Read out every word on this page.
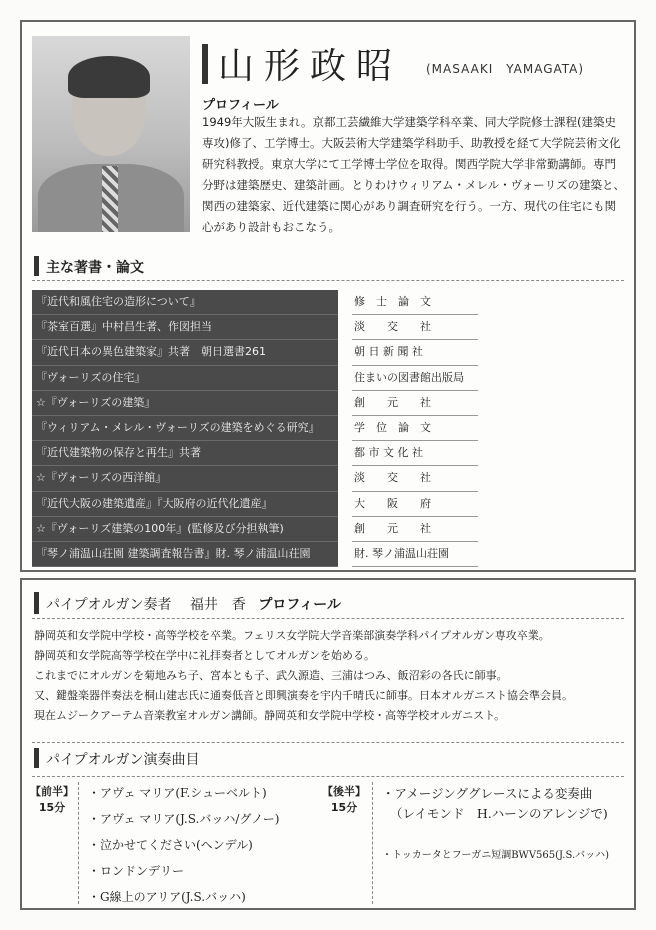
山形政昭 (MASAAKI　YAMAGATA)
プロフィール
1949年大阪生まれ。京都工芸繊維大学建築学科卒業、同大学院修士課程(建築史
専攻)修了、工学博士。大阪芸術大学建築学科助手、助教授を経て大学院芸術文化
研究科教授。東京大学にて工学博士学位を取得。関西学院大学非常勤講師。専門
分野は建築歴史、建築計画。とりわけウィリアム・メレル・ヴォーリズの建築と、
関西の建築家、近代建築に関心があり調査研究を行う。一方、現代の住宅にも関
心があり設計もおこなう。
主な著書・論文
『近代和風住宅の造形について』
『茶室百選』中村昌生著、作図担当
『近代日本の異色建築家』共著　朝日選書261
『ヴォーリズの住宅』
☆『ヴォーリズの建築』
『ウィリアム・メレル・ヴォーリズの建築をめぐる研究』
『近代建築物の保存と再生』共著
☆『ヴォーリズの西洋館』
『近代大阪の建築遺産』『大阪府の近代化遺産』
☆『ヴォーリズ建築の100年』(監修及び分担執筆)
『琴ノ浦温山荘園 建築調査報告書』財. 琴ノ浦温山荘園
修　士　論　文
淡　　交　　社
朝 日 新 聞 社
住まいの図書館出版局
創　　元　　社
学　位　論　文
都 市 文 化 社
淡　　交　　社
大　　阪　　府
創　　元　　社
財. 琴ノ浦温山荘園
パイプオルガン奏者 福井　香 プロフィール
静岡英和女学院中学校・高等学校を卒業。フェリス女学院大学音楽部演奏学科パイプオルガン専攻卒業。
静岡英和女学院高等学校在学中に礼拝奏者としてオルガンを始める。
これまでにオルガンを菊地みち子、宮本とも子、武久源造、三浦はつみ、飯沼彩の各氏に師事。
又、鍵盤楽器伴奏法を桐山建志氏に通奏低音と即興演奏を宇内千晴氏に師事。日本オルガニスト協会準会員。
現在ムジークアーテム音楽教室オルガン講師。静岡英和女学院中学校・高等学校オルガニスト。
パイプオルガン演奏曲目
【前半】
15分
・アヴェ マリア(F.シューベルト)
・アヴェ マリア(J.S.バッハ/グノー)
・泣かせてください(ヘンデル)
・ロンドンデリー
・G線上のアリア(J.S.バッハ)
【後半】
15分
・アメージンググレースによる変奏曲
（レイモンド　H.ハーンのアレンジで)
・トッカータとフーガニ短調BWV565(J.S.バッハ)
